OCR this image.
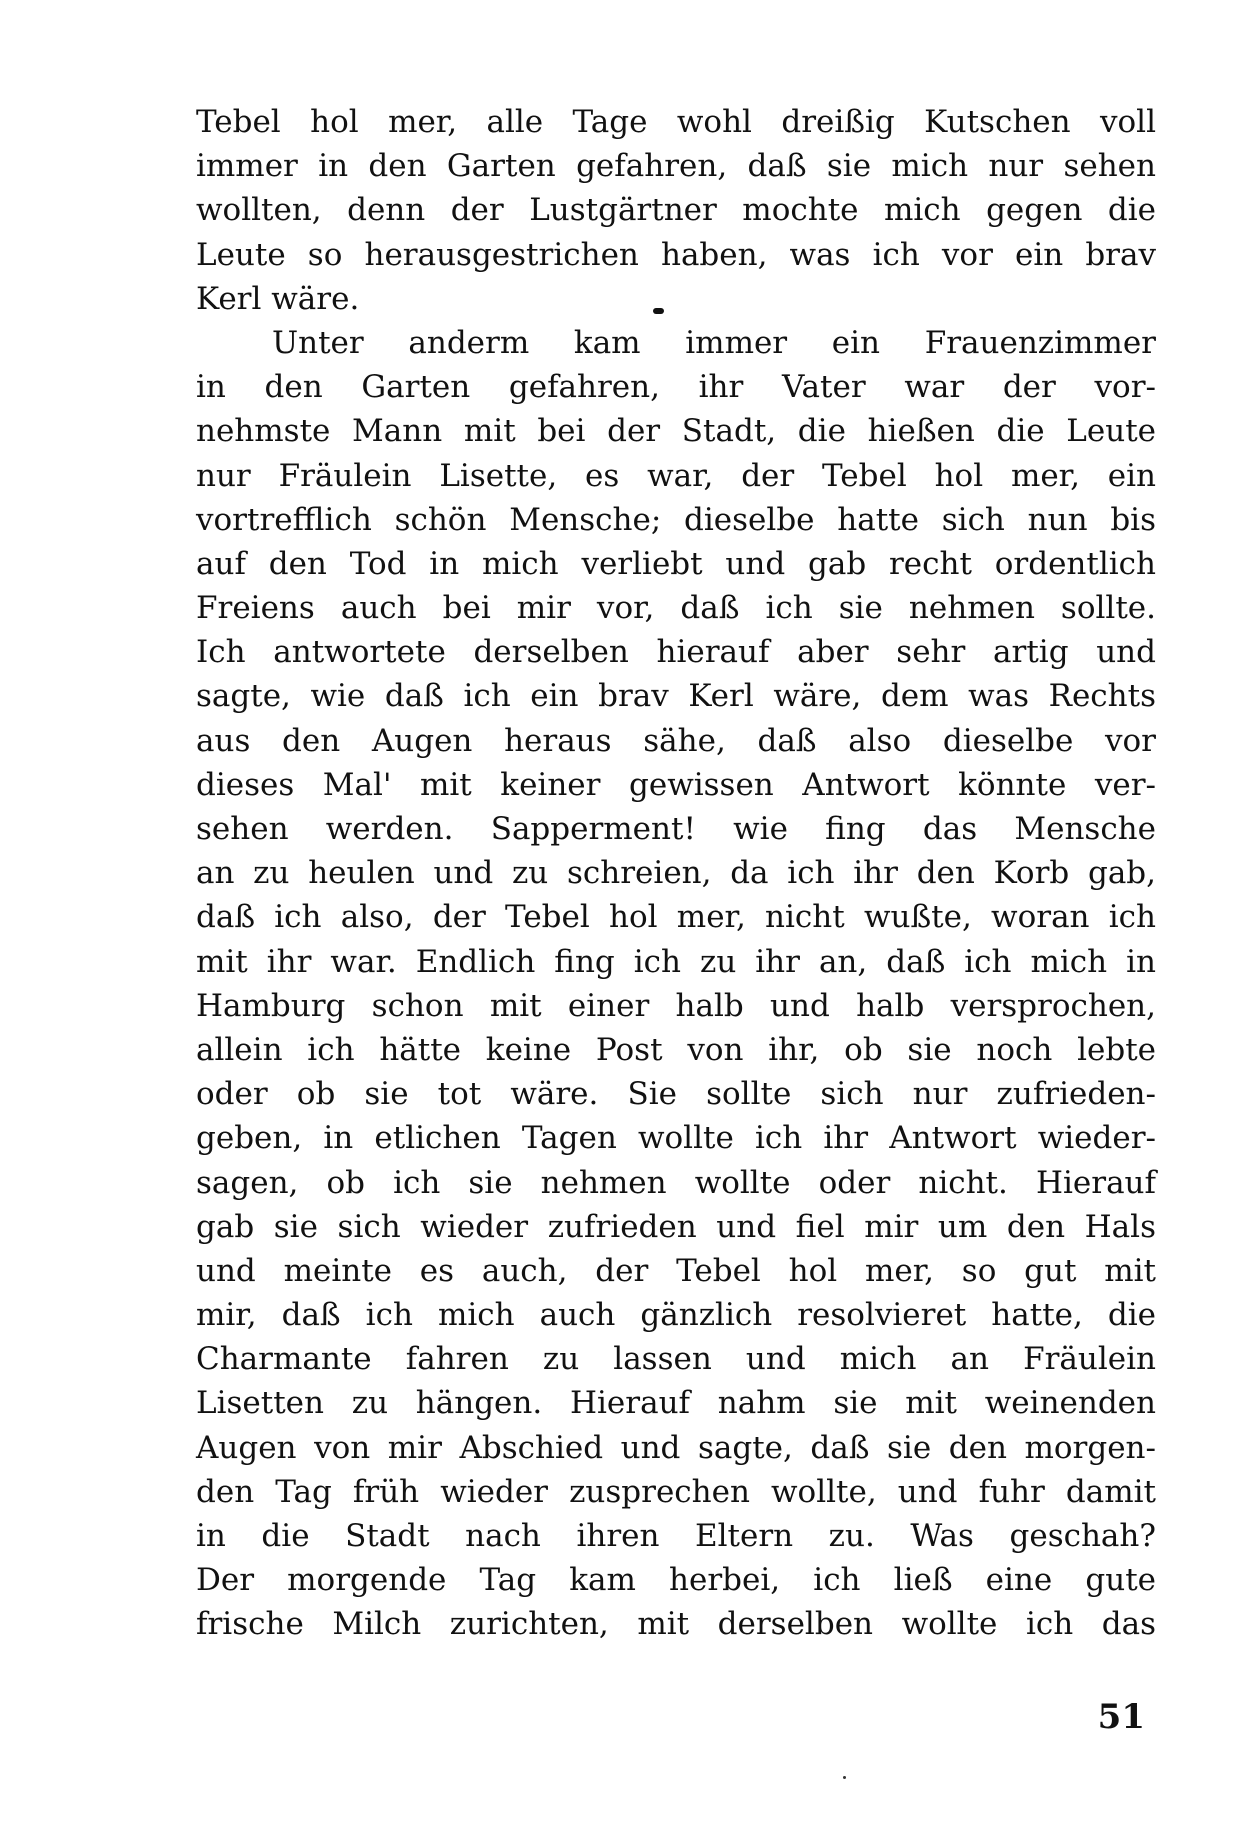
Tebel hol mer, alle Tage wohl dreißig Kutschen voll
immer in den Garten gefahren, daß sie mich nur sehen
wollten, denn der Lustgärtner mochte mich gegen die
Leute so herausgestrichen haben, was ich vor ein brav
Kerl wäre.
Unter anderm kam immer ein Frauenzimmer
in den Garten gefahren, ihr Vater war der vor-
nehmste Mann mit bei der Stadt, die hießen die Leute
nur Fräulein Lisette, es war, der Tebel hol mer, ein
vortrefflich schön Mensche; dieselbe hatte sich nun bis
auf den Tod in mich verliebt und gab recht ordentlich
Freiens auch bei mir vor, daß ich sie nehmen sollte.
Ich antwortete derselben hierauf aber sehr artig und
sagte, wie daß ich ein brav Kerl wäre, dem was Rechts
aus den Augen heraus sähe, daß also dieselbe vor
dieses Mal' mit keiner gewissen Antwort könnte ver-
sehen werden. Sapperment! wie fing das Mensche
an zu heulen und zu schreien, da ich ihr den Korb gab,
daß ich also, der Tebel hol mer, nicht wußte, woran ich
mit ihr war. Endlich fing ich zu ihr an, daß ich mich in
Hamburg schon mit einer halb und halb versprochen,
allein ich hätte keine Post von ihr, ob sie noch lebte
oder ob sie tot wäre. Sie sollte sich nur zufrieden-
geben, in etlichen Tagen wollte ich ihr Antwort wieder-
sagen, ob ich sie nehmen wollte oder nicht. Hierauf
gab sie sich wieder zufrieden und fiel mir um den Hals
und meinte es auch, der Tebel hol mer, so gut mit
mir, daß ich mich auch gänzlich resolvieret hatte, die
Charmante fahren zu lassen und mich an Fräulein
Lisetten zu hängen. Hierauf nahm sie mit weinenden
Augen von mir Abschied und sagte, daß sie den morgen-
den Tag früh wieder zusprechen wollte, und fuhr damit
in die Stadt nach ihren Eltern zu. Was geschah?
Der morgende Tag kam herbei, ich ließ eine gute
frische Milch zurichten, mit derselben wollte ich das
51
